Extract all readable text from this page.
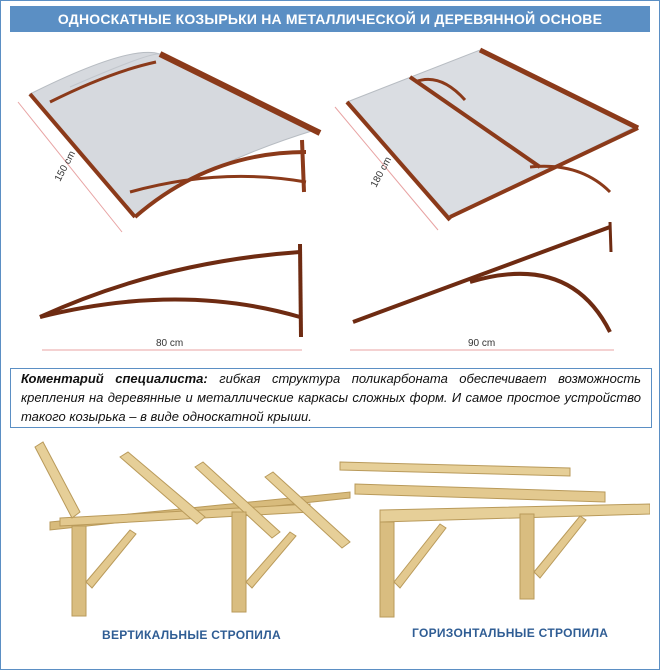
ОДНОСКАТНЫЕ КОЗЫРЬКИ НА МЕТАЛЛИЧЕСКОЙ И ДЕРЕВЯННОЙ ОСНОВЕ
150 cm	180 cm
80 cm	90 cm
Коментарий специалиста: гибкая структура поликарбоната обеспечивает возможность крепления на деревянные и металлические каркасы сложных форм. И самое простое устройство такого козырька – в виде односкатной крыши.
ВЕРТИКАЛЬНЫЕ СТРОПИЛА	ГОРИЗОНТАЛЬНЫЕ СТРОПИЛА
